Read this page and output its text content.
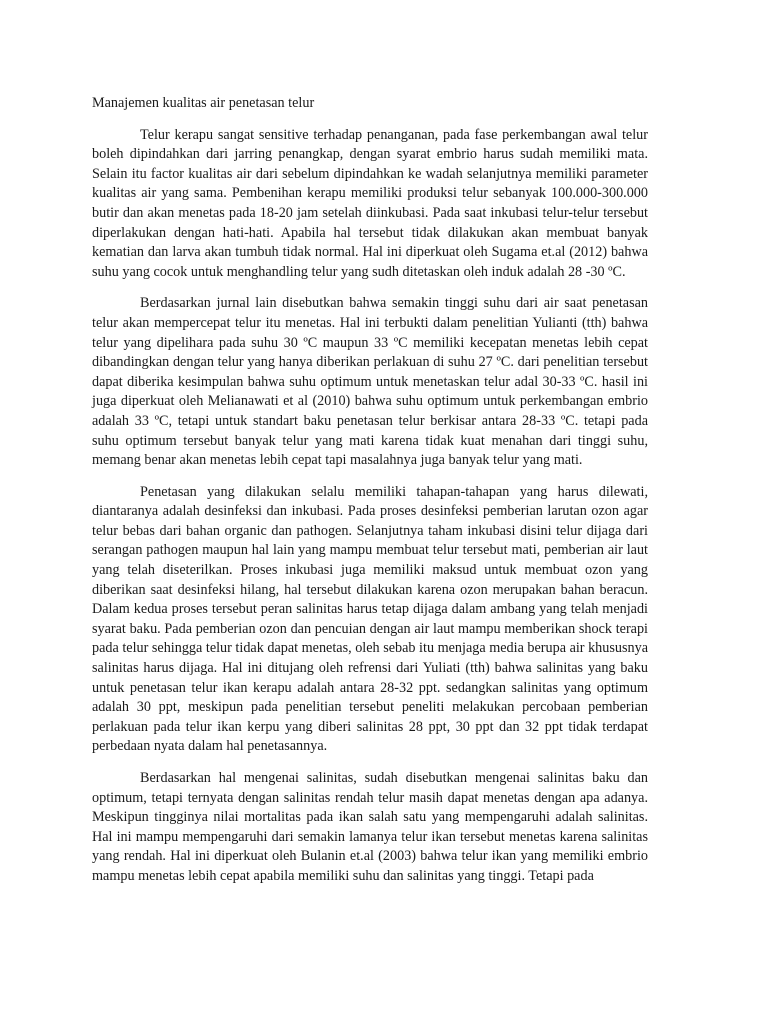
Manajemen kualitas air penetasan telur

Telur kerapu sangat sensitive terhadap penanganan, pada fase perkembangan awal telur boleh dipindahkan dari jarring penangkap, dengan syarat embrio harus sudah memiliki mata. Selain itu factor kualitas air dari sebelum dipindahkan ke wadah selanjutnya memiliki parameter kualitas air yang sama. Pembenihan kerapu memiliki produksi telur sebanyak 100.000-300.000 butir dan akan menetas pada 18-20 jam setelah diinkubasi. Pada saat inkubasi telur-telur tersebut diperlakukan dengan hati-hati. Apabila hal tersebut tidak dilakukan akan membuat banyak kematian dan larva akan tumbuh tidak normal. Hal ini diperkuat oleh Sugama et.al (2012) bahwa suhu yang cocok untuk menghandling telur yang sudh ditetaskan oleh induk adalah 28 -30 ºC.

Berdasarkan jurnal lain disebutkan bahwa semakin tinggi suhu dari air saat penetasan telur akan mempercepat telur itu menetas. Hal ini terbukti dalam penelitian Yulianti (tth) bahwa telur yang dipelihara pada suhu 30 ºC maupun 33 ºC memiliki kecepatan menetas lebih cepat dibandingkan dengan telur yang hanya diberikan perlakuan di suhu 27 ºC. dari penelitian tersebut dapat diberika kesimpulan bahwa suhu optimum untuk menetaskan telur adal 30-33 ºC. hasil ini juga diperkuat oleh Melianawati et al (2010) bahwa suhu optimum untuk perkembangan embrio adalah 33 ºC, tetapi untuk standart baku penetasan telur berkisar antara 28-33 ºC. tetapi pada suhu optimum tersebut banyak telur yang mati karena tidak kuat menahan dari tinggi suhu, memang benar akan menetas lebih cepat tapi masalahnya juga banyak telur yang mati.

Penetasan yang dilakukan selalu memiliki tahapan-tahapan yang harus dilewati, diantaranya adalah desinfeksi dan inkubasi. Pada proses desinfeksi pemberian larutan ozon agar telur bebas dari bahan organic dan pathogen. Selanjutnya taham inkubasi disini telur dijaga dari serangan pathogen maupun hal lain yang mampu membuat telur tersebut mati, pemberian air laut yang telah diseterilkan. Proses inkubasi juga memiliki maksud untuk membuat ozon yang diberikan saat desinfeksi hilang, hal tersebut dilakukan karena ozon merupakan bahan beracun. Dalam kedua proses tersebut peran salinitas harus tetap dijaga dalam ambang yang telah menjadi syarat baku. Pada pemberian ozon dan pencuian dengan air laut mampu memberikan shock terapi pada telur sehingga telur tidak dapat menetas, oleh sebab itu menjaga media berupa air khususnya salinitas harus dijaga. Hal ini ditujang oleh refrensi dari Yuliati (tth) bahwa salinitas yang baku untuk penetasan telur ikan kerapu adalah antara 28-32 ppt. sedangkan salinitas yang optimum adalah 30 ppt, meskipun pada penelitian tersebut peneliti melakukan percobaan pemberian perlakuan pada telur ikan kerpu yang diberi salinitas 28 ppt, 30 ppt dan 32 ppt tidak terdapat perbedaan nyata dalam hal penetasannya.

Berdasarkan hal mengenai salinitas, sudah disebutkan mengenai salinitas baku dan optimum, tetapi ternyata dengan salinitas rendah telur masih dapat menetas dengan apa adanya. Meskipun tingginya nilai mortalitas pada ikan salah satu yang mempengaruhi adalah salinitas. Hal ini mampu mempengaruhi dari semakin lamanya telur ikan tersebut menetas karena salinitas yang rendah. Hal ini diperkuat oleh Bulanin et.al (2003) bahwa telur ikan yang memiliki embrio mampu menetas lebih cepat apabila memiliki suhu dan salinitas yang tinggi. Tetapi pada
